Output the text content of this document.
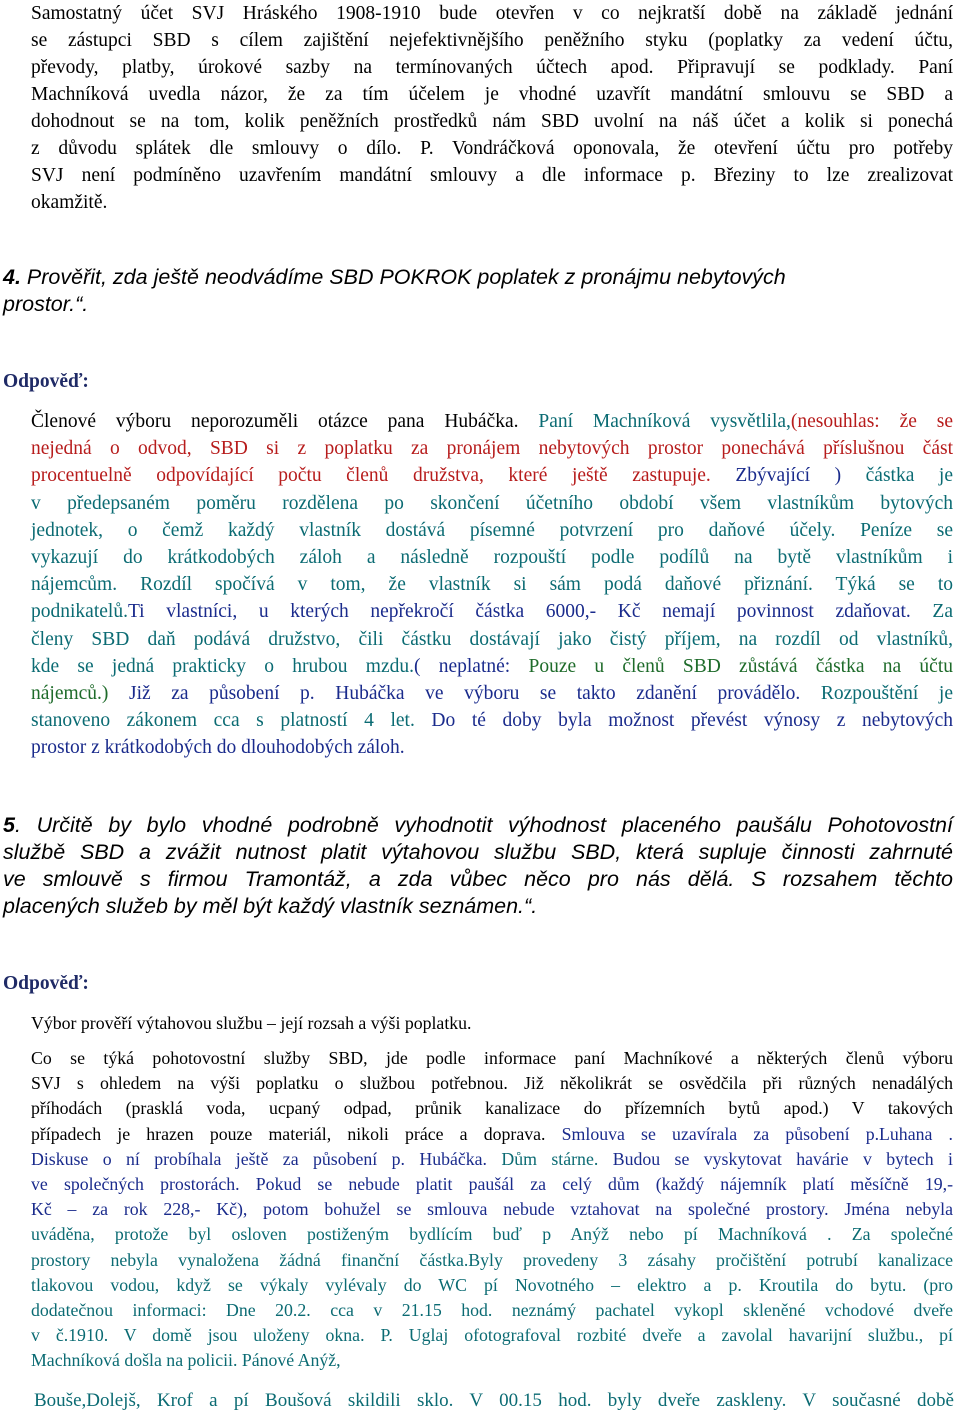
Samostatný účet SVJ Hráského 1908-1910 bude otevřen v co nejkratší době na základě jednání
se zástupci SBD s cílem zajištění nejefektivnějšího peněžního styku (poplatky za vedení účtu,
převody, platby, úrokové sazby na termínovaných účtech apod. Připravují se podklady. Paní
Machníková uvedla názor, že za tím účelem je vhodné uzavřít mandátní smlouvu se SBD a
dohodnout se na tom, kolik peněžních prostředků nám SBD uvolní na náš účet a kolik si ponechá
z důvodu splátek dle smlouvy o dílo. P. Vondráčková oponovala, že otevření účtu pro potřeby
SVJ není podmíněno uzavřením mandátní smlouvy a dle informace p. Březiny to lze zrealizovat
okamžitě.
4. Prověřit, zda ještě neodvádíme SBD POKROK poplatek z pronájmu nebytových
prostor.“.
Odpověď:
Členové výboru neporozuměli otázce pana Hubáčka. Paní Machníková vysvětlila,(nesouhlas: že se
nejedná o odvod, SBD si z poplatku za pronájem nebytových prostor ponechává příslušnou část
procentuelně odpovídající počtu členů družstva, které ještě zastupuje. Zbývající ) částka je
v předepsaném poměru rozdělena po skončení účetního období všem vlastníkům bytových
jednotek, o čemž každý vlastník dostává písemné potvrzení pro daňové účely. Peníze se
vykazují do krátkodobých záloh a následně rozpouští podle podílů na bytě vlastníkům i
nájemcům. Rozdíl spočívá v tom, že vlastník si sám podá daňové přiznání. Týká se to
podnikatelů.Ti vlastníci, u kterých nepřekročí částka 6000,- Kč nemají povinnost zdaňovat. Za
členy SBD daň podává družstvo, čili částku dostávají jako čistý příjem, na rozdíl od vlastníků,
kde se jedná prakticky o hrubou mzdu.( neplatné: Pouze u členů SBD zůstává částka na účtu
nájemců.) Již za působení p. Hubáčka ve výboru se takto zdanění provádělo. Rozpouštění je
stanoveno zákonem cca s platností 4 let. Do té doby byla možnost převést výnosy z nebytových
prostor z krátkodobých do dlouhodobých záloh.
5. Určitě by bylo vhodné podrobně vyhodnotit výhodnost placeného paušálu Pohotovostní
službě SBD a zvážit nutnost platit výtahovou službu SBD, která supluje činnosti zahrnuté
ve smlouvě s firmou Tramontáž, a zda vůbec něco pro nás dělá. S rozsahem těchto
placených služeb by měl být každý vlastník seznámen.“.
Odpověď:
Výbor prověří výtahovou službu – její rozsah a výši poplatku.
Co se týká pohotovostní služby SBD, jde podle informace paní Machníkové a některých členů výboru
SVJ s ohledem na výši poplatku o službou potřebnou. Již několikrát se osvědčila při různých nenadálých
příhodách (prasklá voda, ucpaný odpad, průnik kanalizace do přízemních bytů apod.) V takových
případech je hrazen pouze materiál, nikoli práce a doprava. Smlouva se uzavírala za působení p.Luhana .
Diskuse o ní probíhala ještě za působení p. Hubáčka. Dům stárne. Budou se vyskytovat havárie v bytech i
ve společných prostorách. Pokud se nebude platit paušál za celý dům (každý nájemník platí měsíčně 19,-
Kč – za rok 228,- Kč), potom bohužel se smlouva nebude vztahovat na společné prostory. Jména nebyla
uváděna, protože byl osloven postiženým bydlícím buď p Anýž nebo pí Machníková . Za společné
prostory nebyla vynaložena žádná finanční částka.Byly provedeny 3 zásahy pročištění potrubí kanalizace
tlakovou vodou, když se výkaly vylévaly do WC pí Novotného – elektro a p. Kroutila do bytu. (pro
dodatečnou informaci: Dne 20.2. cca v 21.15 hod. neznámý pachatel vykopl skleněné vchodové dveře
v č.1910. V domě jsou uloženy okna. P. Uglaj ofotografoval rozbité dveře a zavolal havarijní službu., pí
Machníková došla na policii. Pánové Anýž,
Bouše,Dolejš, Krof a pí Boušová skildili sklo. V 00.15 hod. byly dveře zaskleny. V současné době
